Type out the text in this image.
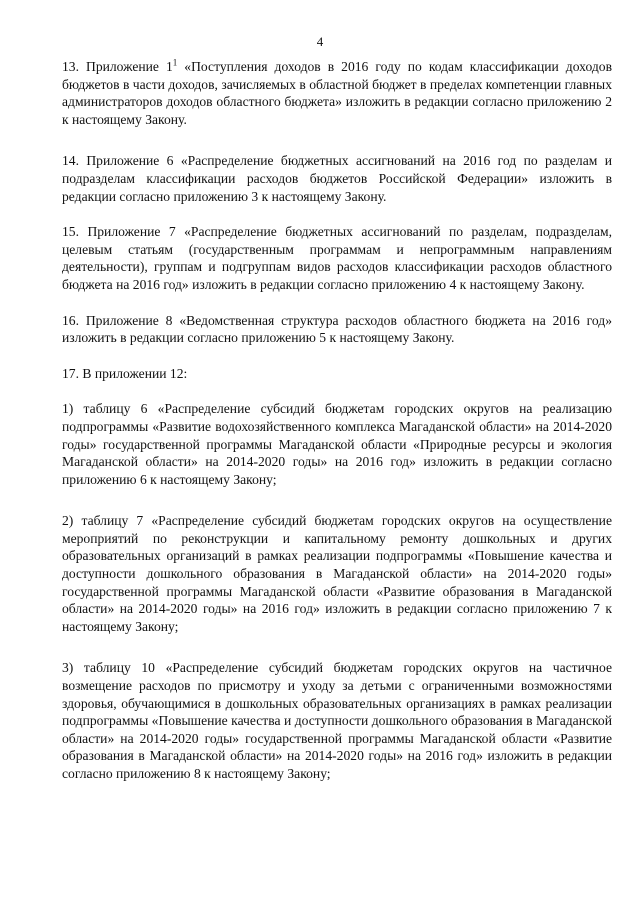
4

13. Приложение $1^1$ «Поступления доходов в 2016 году по кодам классификации доходов бюджетов в части доходов, зачисляемых в областной бюджет в пределах компетенции главных администраторов доходов областного бюджета» изложить в редакции согласно приложению 2 к настоящему Закону.

14. Приложение 6 «Распределение бюджетных ассигнований на 2016 год по разделам и подразделам классификации расходов бюджетов Российской Федерации» изложить в редакции согласно приложению 3 к настоящему Закону.

15. Приложение 7 «Распределение бюджетных ассигнований по разделам, подразделам, целевым статьям (государственным программам и непрограммным направлениям деятельности), группам и подгруппам видов расходов классификации расходов областного бюджета на 2016 год» изложить в редакции согласно приложению 4 к настоящему Закону.

16. Приложение 8 «Ведомственная структура расходов областного бюджета на 2016 год» изложить в редакции согласно приложению 5 к настоящему Закону.

17. В приложении 12:

1) таблицу 6 «Распределение субсидий бюджетам городских округов на реализацию подпрограммы «Развитие водохозяйственного комплекса Магаданской области» на 2014-2020 годы» государственной программы Магаданской области «Природные ресурсы и экология Магаданской области» на 2014-2020 годы» на 2016 год» изложить в редакции согласно приложению 6 к настоящему Закону;

2) таблицу 7 «Распределение субсидий бюджетам городских округов на осуществление мероприятий по реконструкции и капитальному ремонту дошкольных и других образовательных организаций в рамках реализации подпрограммы «Повышение качества и доступности дошкольного образования в Магаданской области» на 2014-2020 годы» государственной программы Магаданской области «Развитие образования в Магаданской области» на 2014-2020 годы» на 2016 год» изложить в редакции согласно приложению 7 к настоящему Закону;

3) таблицу 10 «Распределение субсидий бюджетам городских округов на частичное возмещение расходов по присмотру и уходу за детьми с ограниченными возможностями здоровья, обучающимися в дошкольных образовательных организациях в рамках реализации подпрограммы «Повышение качества и доступности дошкольного образования в Магаданской области» на 2014-2020 годы» государственной программы Магаданской области «Развитие образования в Магаданской области» на 2014-2020 годы» на 2016 год» изложить в редакции согласно приложению 8 к настоящему Закону;
